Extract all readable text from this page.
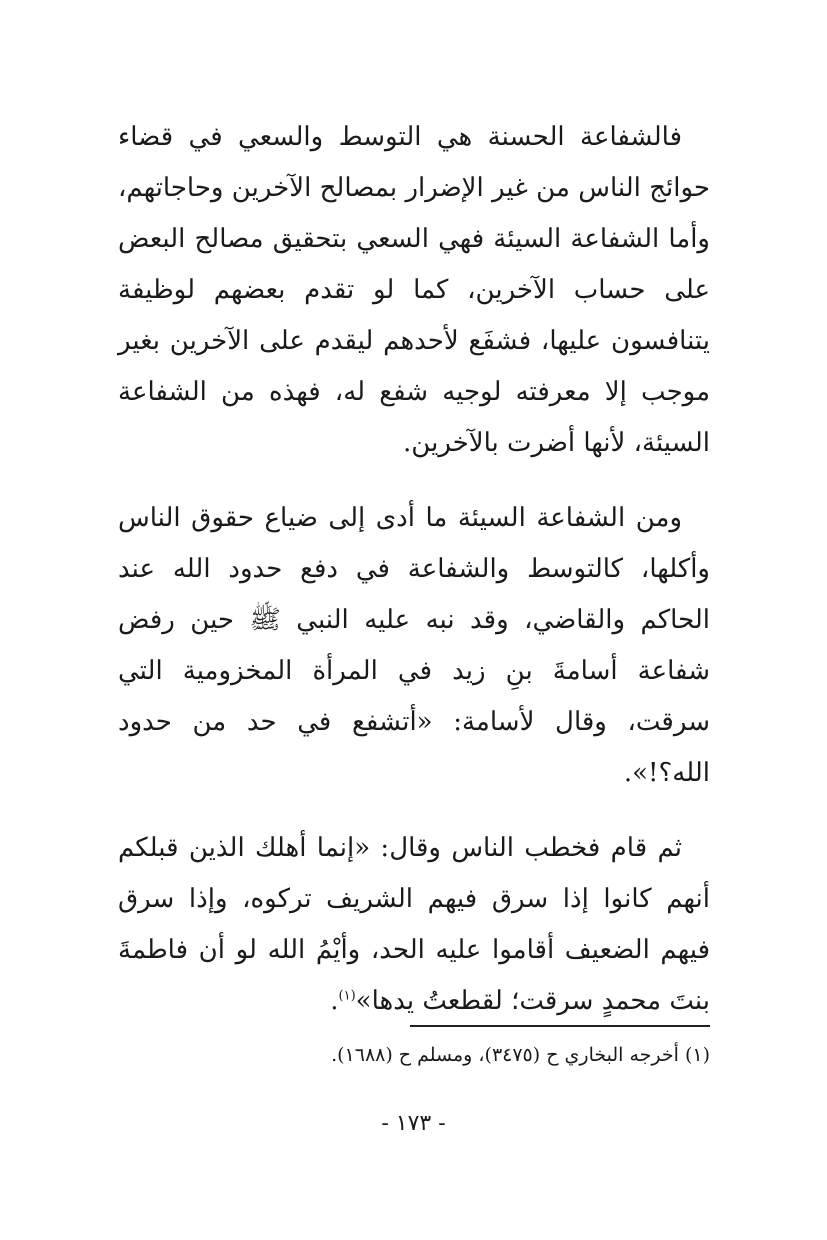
فالشفاعة الحسنة هي التوسط والسعي في قضاء حوائج الناس من غير الإضرار بمصالح الآخرين وحاجاتهم، وأما الشفاعة السيئة فهي السعي بتحقيق مصالح البعض على حساب الآخرين، كما لو تقدم بعضهم لوظيفة يتنافسون عليها، فشفَع لأحدهم ليقدم على الآخرين بغير موجب إلا معرفته لوجيه شفع له، فهذه من الشفاعة السيئة، لأنها أضرت بالآخرين.

ومن الشفاعة السيئة ما أدى إلى ضياع حقوق الناس وأكلها، كالتوسط والشفاعة في دفع حدود الله عند الحاكم والقاضي، وقد نبه عليه النبي ﷺ حين رفض شفاعة أسامةَ بنِ زيد في المرأة المخزومية التي سرقت، وقال لأسامة: «أتشفع في حد من حدود الله؟!».

ثم قام فخطب الناس وقال: «إنما أهلك الذين قبلكم أنهم كانوا إذا سرق فيهم الشريف تركوه، وإذا سرق فيهم الضعيف أقاموا عليه الحد، وأيْمُ الله لو أن فاطمةَ بنتَ محمدٍ سرقت؛ لقطعتُ يدها»$^{(١)}$.

(١) أخرجه البخاري ح (٣٤٧٥)، ومسلم ح (١٦٨٨).
- ١٧٣ -
